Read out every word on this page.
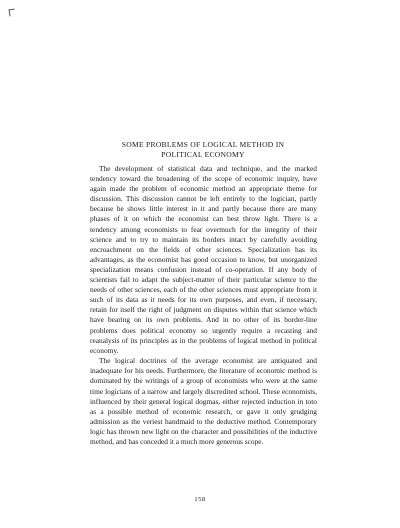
SOME PROBLEMS OF LOGICAL METHOD IN
POLITICAL ECONOMY

The development of statistical data and technique, and the marked tendency toward the broadening of the scope of economic inquiry, have again made the problem of economic method an appropriate theme for discussion. This discussion cannot be left entirely to the logician, partly because he shows little interest in it and partly because there are many phases of it on which the economist can best throw light. There is a tendency among economists to fear overmuch for the integrity of their science and to try to maintain its borders intact by carefully avoiding encroachment on the fields of other sciences. Specialization has its advantages, as the economist has good occasion to know, but unorganized specialization means confusion instead of co-operation. If any body of scientists fail to adapt the subject-matter of their particular science to the needs of other sciences, each of the other sciences must appropriate from it such of its data as it needs for its own purposes, and even, if necessary, retain for itself the right of judgment on disputes within that science which have bearing on its own problems. And in no other of its border-line problems does political economy so urgently require a recasting and reanalysis of its principles as in the problems of logical method in political economy.

The logical doctrines of the average economist are antiquated and inadequate for his needs. Furthermore, the literature of economic method is dominated by the writings of a group of economists who were at the same time logicians of a narrow and largely discredited school. These economists, influenced by their general logical dogmas, either rejected induction in toto as a possible method of economic research, or gave it only grudging admission as the veriest handmaid to the deductive method. Contemporary logic has thrown new light on the character and possibilities of the inductive method, and has conceded it a much more generous scope.

158
